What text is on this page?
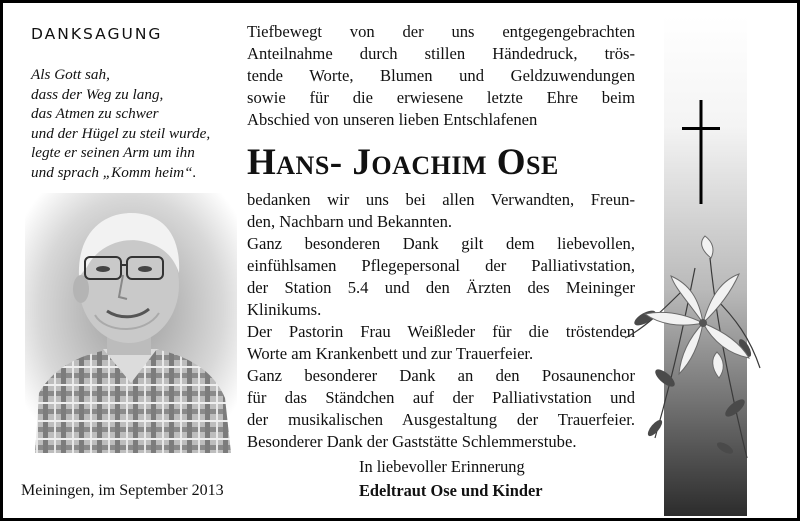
DANKSAGUNG
Als Gott sah,
dass der Weg zu lang,
das Atmen zu schwer
und der Hügel zu steil wurde,
legte er seinen Arm um ihn
und sprach „Komm heim“.
Meiningen, im September 2013
Tiefbewegt von der uns entgegengebrachten
Anteilnahme durch stillen Händedruck, trös-
tende Worte, Blumen und Geldzuwendungen
sowie für die erwiesene letzte Ehre beim
Abschied von unseren lieben Entschlafenen
Hans- Joachim Ose
bedanken wir uns bei allen Verwandten, Freun-
den, Nachbarn und Bekannten.
Ganz besonderen Dank gilt dem liebevollen,
einfühlsamen Pflegepersonal der Palliativstation,
der Station 5.4 und den Ärzten des Meininger
Klinikums.
Der Pastorin Frau Weißleder für die tröstenden
Worte am Krankenbett und zur Trauerfeier.
Ganz besonderer Dank an den Posaunenchor
für das Ständchen auf der Palliativstation und
der musikalischen Ausgestaltung der Trauerfeier.
Besonderer Dank der Gaststätte Schlemmerstube.
In liebevoller Erinnerung
Edeltraut Ose und Kinder
